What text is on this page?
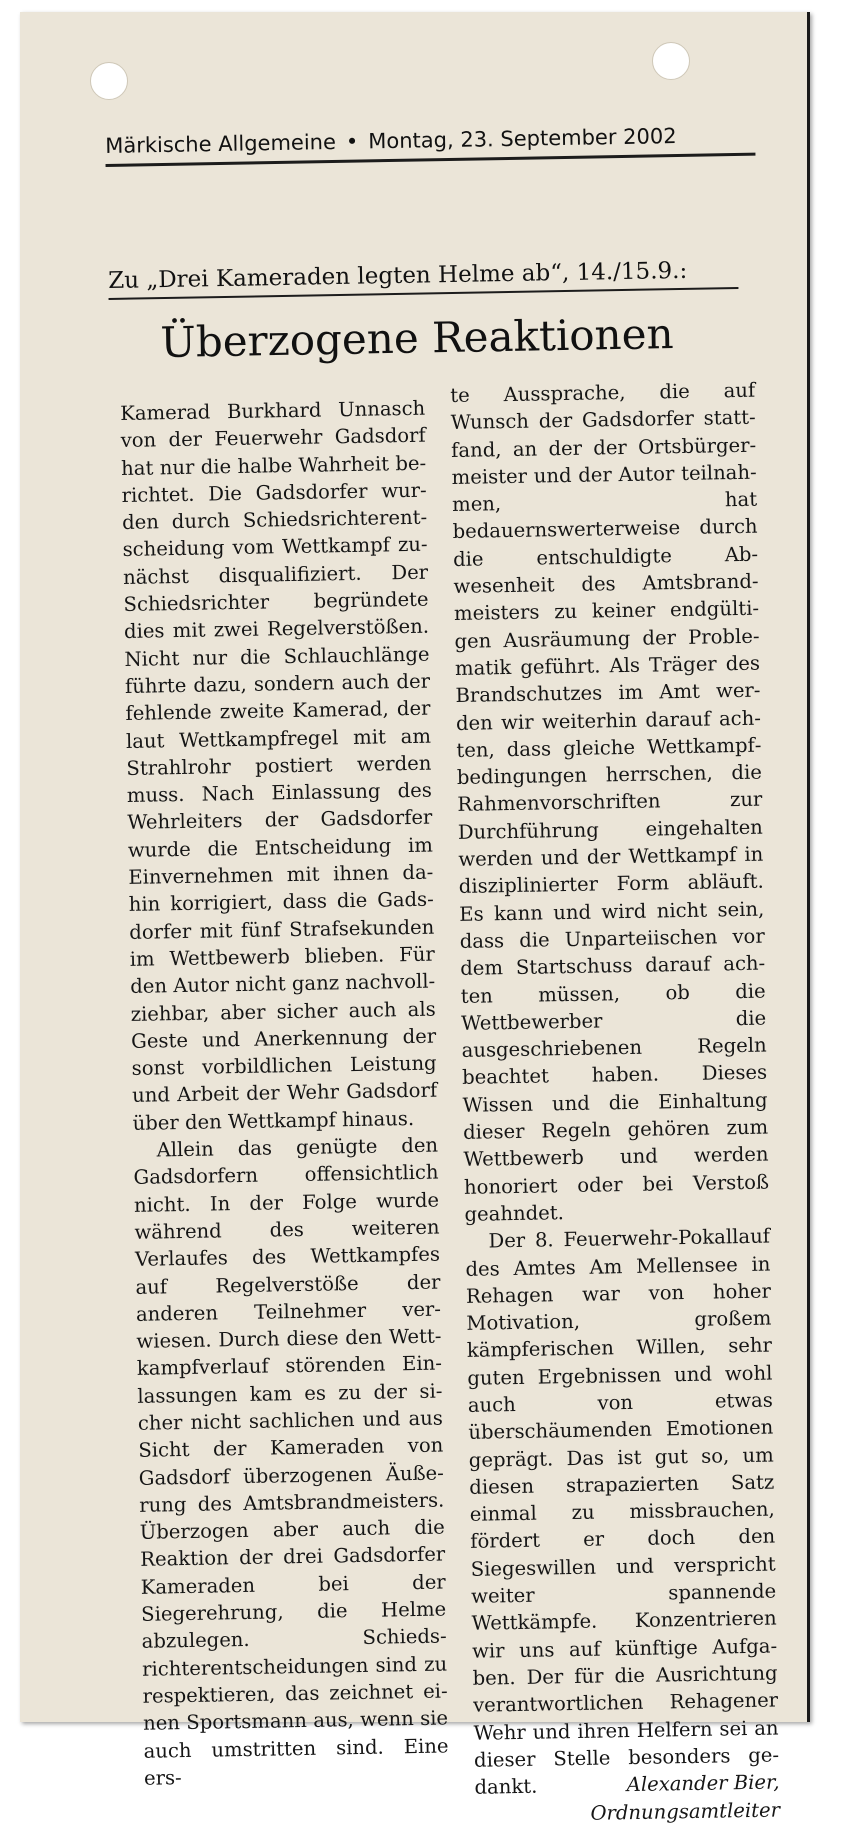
Märkische Allgemeine • Montag, 23. September 2002
Zu „Drei Kameraden legten Helme ab“, 14./15.9.:
Überzogene Reaktionen

Kamerad Burkhard Unnasch von der Feuerwehr Gadsdorf hat nur die halbe Wahrheit berichtet. Die Gadsdorfer wurden durch Schiedsrichterentscheidung vom Wettkampf zunächst disqualifiziert. Der Schiedsrichter begründete dies mit zwei Regelverstößen. Nicht nur die Schlauchlänge führte dazu, sondern auch der fehlende zweite Kamerad, der laut Wettkampfregel mit am Strahlrohr postiert werden muss. Nach Einlassung des Wehrleiters der Gadsdorfer wurde die Entscheidung im Einvernehmen mit ihnen dahin korrigiert, dass die Gadsdorfer mit fünf Strafsekunden im Wettbewerb blieben. Für den Autor nicht ganz nachvollziehbar, aber sicher auch als Geste und Anerkennung der sonst vorbildlichen Leistung und Arbeit der Wehr Gadsdorf über den Wettkampf hinaus.

Allein das genügte den Gadsdorfern offensichtlich nicht. In der Folge wurde während des weiteren Verlaufes des Wettkampfes auf Regelverstöße der anderen Teilnehmer verwiesen. Durch diese den Wettkampfverlauf störenden Einlassungen kam es zu der sicher nicht sachlichen und aus Sicht der Kameraden von Gadsdorf überzogenen Äußerung des Amtsbrandmeisters. Überzogen aber auch die Reaktion der drei Gadsdorfer Kameraden bei der Siegerehrung, die Helme abzulegen. Schiedsrichterentscheidungen sind zu respektieren, das zeichnet einen Sportsmann aus, wenn sie auch umstritten sind. Eine ers-

te Aussprache, die auf Wunsch der Gadsdorfer stattfand, an der der Ortsbürgermeister und der Autor teilnahmen, hat bedauernswerterweise durch die entschuldigte Abwesenheit des Amtsbrandmeisters zu keiner endgültigen Ausräumung der Problematik geführt. Als Träger des Brandschutzes im Amt werden wir weiterhin darauf achten, dass gleiche Wettkampfbedingungen herrschen, die Rahmenvorschriften zur Durchführung eingehalten werden und der Wettkampf in disziplinierter Form abläuft. Es kann und wird nicht sein, dass die Unparteiischen vor dem Startschuss darauf achten müssen, ob die Wettbewerber die ausgeschriebenen Regeln beachtet haben. Dieses Wissen und die Einhaltung dieser Regeln gehören zum Wettbewerb und werden honoriert oder bei Verstoß geahndet.

Der 8. Feuerwehr-Pokallauf des Amtes Am Mellensee in Rehagen war von hoher Motivation, großem kämpferischen Willen, sehr guten Ergebnissen und wohl auch von etwas überschäumenden Emotionen geprägt. Das ist gut so, um diesen strapazierten Satz einmal zu missbrauchen, fördert er doch den Siegeswillen und verspricht weiter spannende Wettkämpfe. Konzentrieren wir uns auf künftige Aufgaben. Der für die Ausrichtung verantwortlichen Rehagener Wehr und ihren Helfern sei an dieser Stelle besonders gedankt.	Alexander Bier,
Ordnungsamtleiter
